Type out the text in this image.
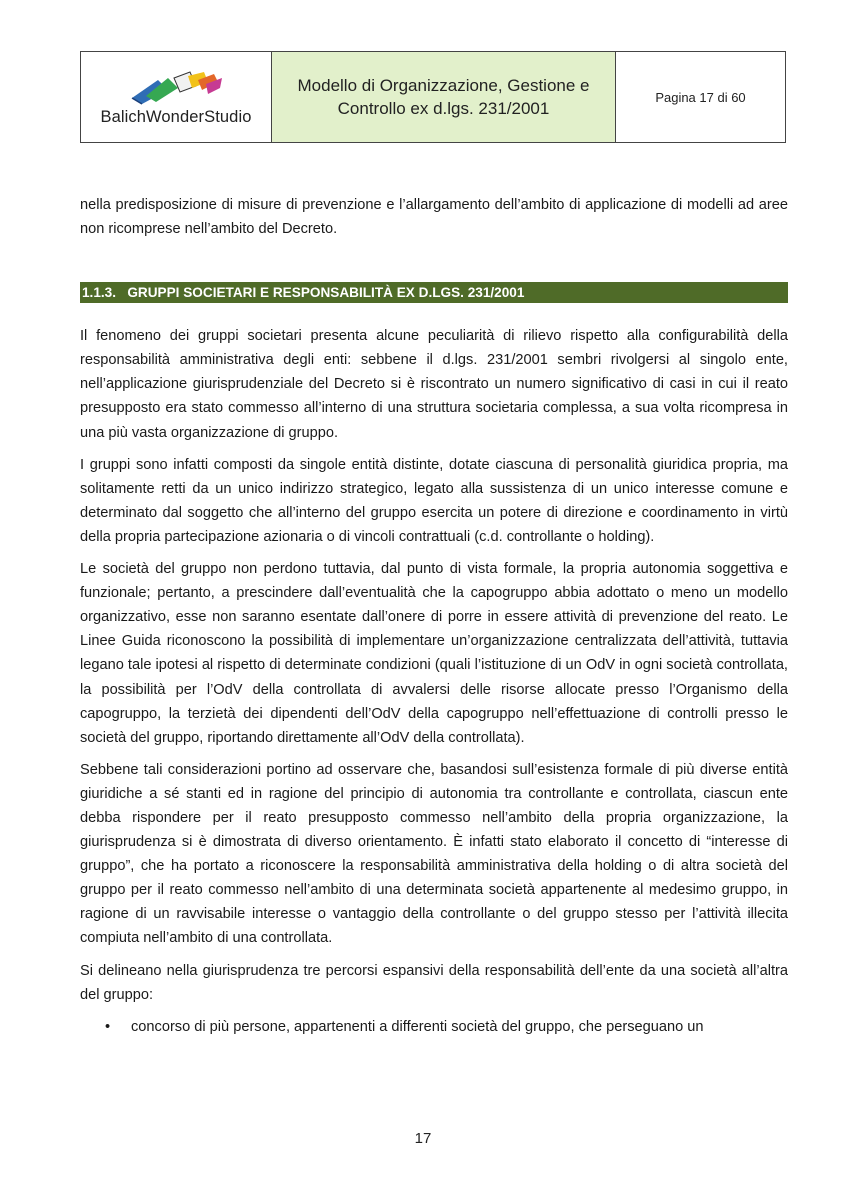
BalichWonderStudio
Modello di Organizzazione, Gestione e
Controllo ex d.lgs. 231/2001
Pagina 17 di 60

nella predisposizione di misure di prevenzione e l’allargamento dell’ambito di applicazione di modelli ad aree non ricomprese nell’ambito del Decreto.

1.1.3.   GRUPPI SOCIETARI E RESPONSABILITÀ EX D.LGS. 231/2001

Il fenomeno dei gruppi societari presenta alcune peculiarità di rilievo rispetto alla configurabilità della responsabilità amministrativa degli enti: sebbene il d.lgs. 231/2001 sembri rivolgersi al singolo ente, nell’applicazione giurisprudenziale del Decreto si è riscontrato un numero significativo di casi in cui il reato presupposto era stato commesso all’interno di una struttura societaria complessa, a sua volta ricompresa in una più vasta organizzazione di gruppo.

I gruppi sono infatti composti da singole entità distinte, dotate ciascuna di personalità giuridica propria, ma solitamente retti da un unico indirizzo strategico, legato alla sussistenza di un unico interesse comune e determinato dal soggetto che all’interno del gruppo esercita un potere di direzione e coordinamento in virtù della propria partecipazione azionaria o di vincoli contrattuali (c.d. controllante o holding).

Le società del gruppo non perdono tuttavia, dal punto di vista formale, la propria autonomia soggettiva e funzionale; pertanto, a prescindere dall’eventualità che la capogruppo abbia adottato o meno un modello organizzativo, esse non saranno esentate dall’onere di porre in essere attività di prevenzione del reato. Le Linee Guida riconoscono la possibilità di implementare un’organizzazione centralizzata dell’attività, tuttavia legano tale ipotesi al rispetto di determinate condizioni (quali l’istituzione di un OdV in ogni società controllata, la possibilità per l’OdV della controllata di avvalersi delle risorse allocate presso l’Organismo della capogruppo, la terzietà dei dipendenti dell’OdV della capogruppo nell’effettuazione di controlli presso le società del gruppo, riportando direttamente all’OdV della controllata).

Sebbene tali considerazioni portino ad osservare che, basandosi sull’esistenza formale di più diverse entità giuridiche a sé stanti ed in ragione del principio di autonomia tra controllante e controllata, ciascun ente debba rispondere per il reato presupposto commesso nell’ambito della propria organizzazione, la giurisprudenza si è dimostrata di diverso orientamento. È infatti stato elaborato il concetto di “interesse di gruppo”, che ha portato a riconoscere la responsabilità amministrativa della holding o di altra società del gruppo per il reato commesso nell’ambito di una determinata società appartenente al medesimo gruppo, in ragione di un ravvisabile interesse o vantaggio della controllante o del gruppo stesso per l’attività illecita compiuta nell’ambito di una controllata.

Si delineano nella giurisprudenza tre percorsi espansivi della responsabilità dell’ente da una società all’altra del gruppo:

• concorso di più persone, appartenenti a differenti società del gruppo, che perseguano un
17
